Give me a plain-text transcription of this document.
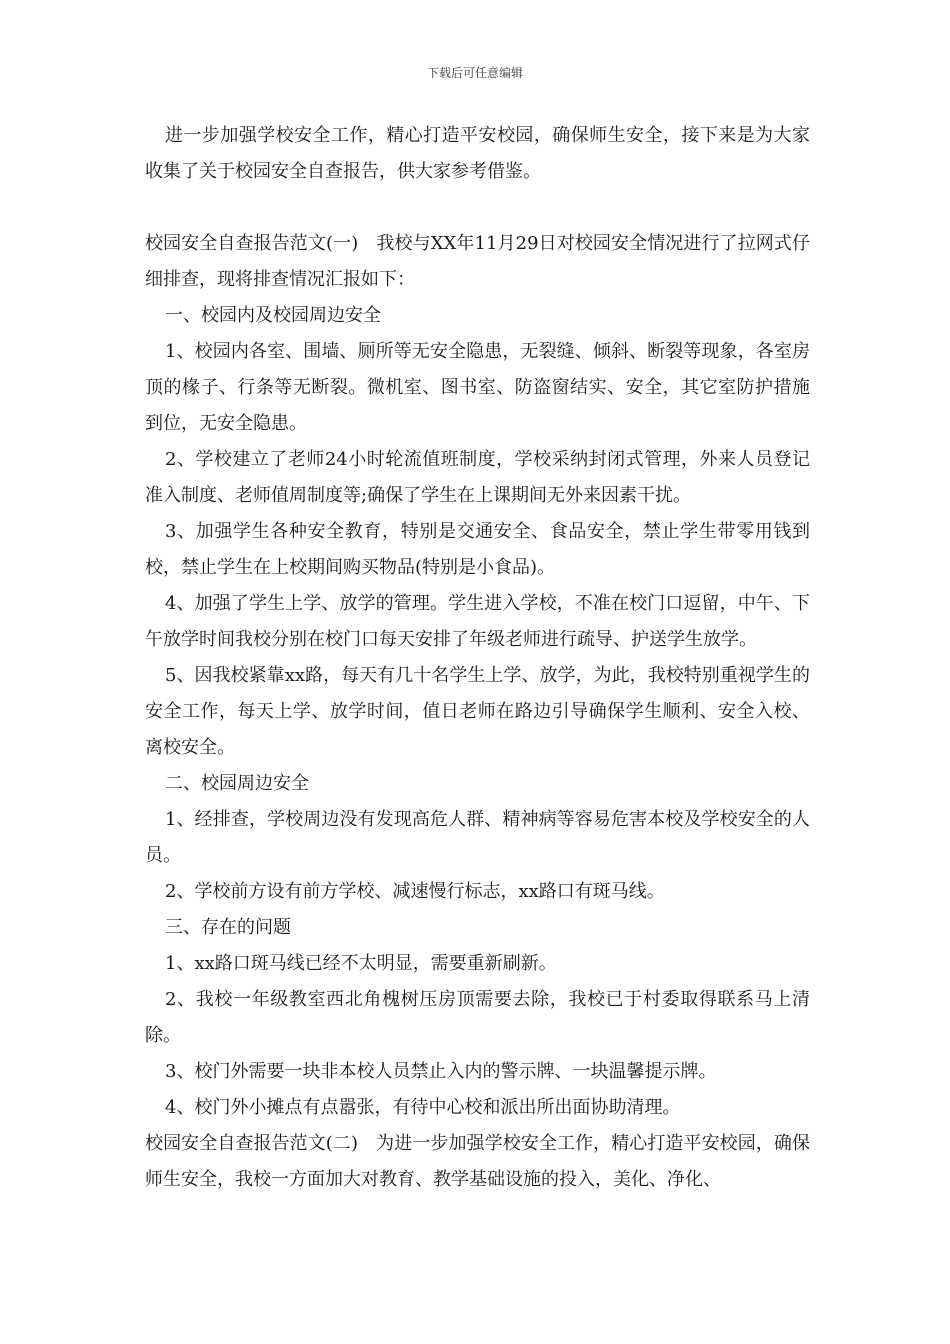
下载后可任意编辑

进一步加强学校安全工作，精心打造平安校园，确保师生安全，接下来是为大家收集了关于校园安全自查报告，供大家参考借鉴。

校园安全自查报告范文(一)　我校与XX年11月29日对校园安全情况进行了拉网式仔细排查，现将排查情况汇报如下：

一、校园内及校园周边安全

1、校园内各室、围墙、厕所等无安全隐患，无裂缝、倾斜、断裂等现象，各室房顶的椽子、行条等无断裂。微机室、图书室、防盗窗结实、安全，其它室防护措施到位，无安全隐患。

2、学校建立了老师24小时轮流值班制度，学校采纳封闭式管理，外来人员登记准入制度、老师值周制度等;确保了学生在上课期间无外来因素干扰。

3、加强学生各种安全教育，特别是交通安全、食品安全，禁止学生带零用钱到校，禁止学生在上校期间购买物品(特别是小食品)。

4、加强了学生上学、放学的管理。学生进入学校，不准在校门口逗留，中午、下午放学时间我校分别在校门口每天安排了年级老师进行疏导、护送学生放学。

5、因我校紧靠xx路，每天有几十名学生上学、放学，为此，我校特别重视学生的安全工作，每天上学、放学时间，值日老师在路边引导确保学生顺利、安全入校、离校安全。

二、校园周边安全

1、经排查，学校周边没有发现高危人群、精神病等容易危害本校及学校安全的人员。

2、学校前方设有前方学校、减速慢行标志，xx路口有斑马线。

三、存在的问题

1、xx路口斑马线已经不太明显，需要重新刷新。

2、我校一年级教室西北角槐树压房顶需要去除，我校已于村委取得联系马上清除。

3、校门外需要一块非本校人员禁止入内的警示牌、一块温馨提示牌。

4、校门外小摊点有点嚣张，有待中心校和派出所出面协助清理。

校园安全自查报告范文(二)　为进一步加强学校安全工作，精心打造平安校园，确保师生安全，我校一方面加大对教育、教学基础设施的投入，美化、净化、
